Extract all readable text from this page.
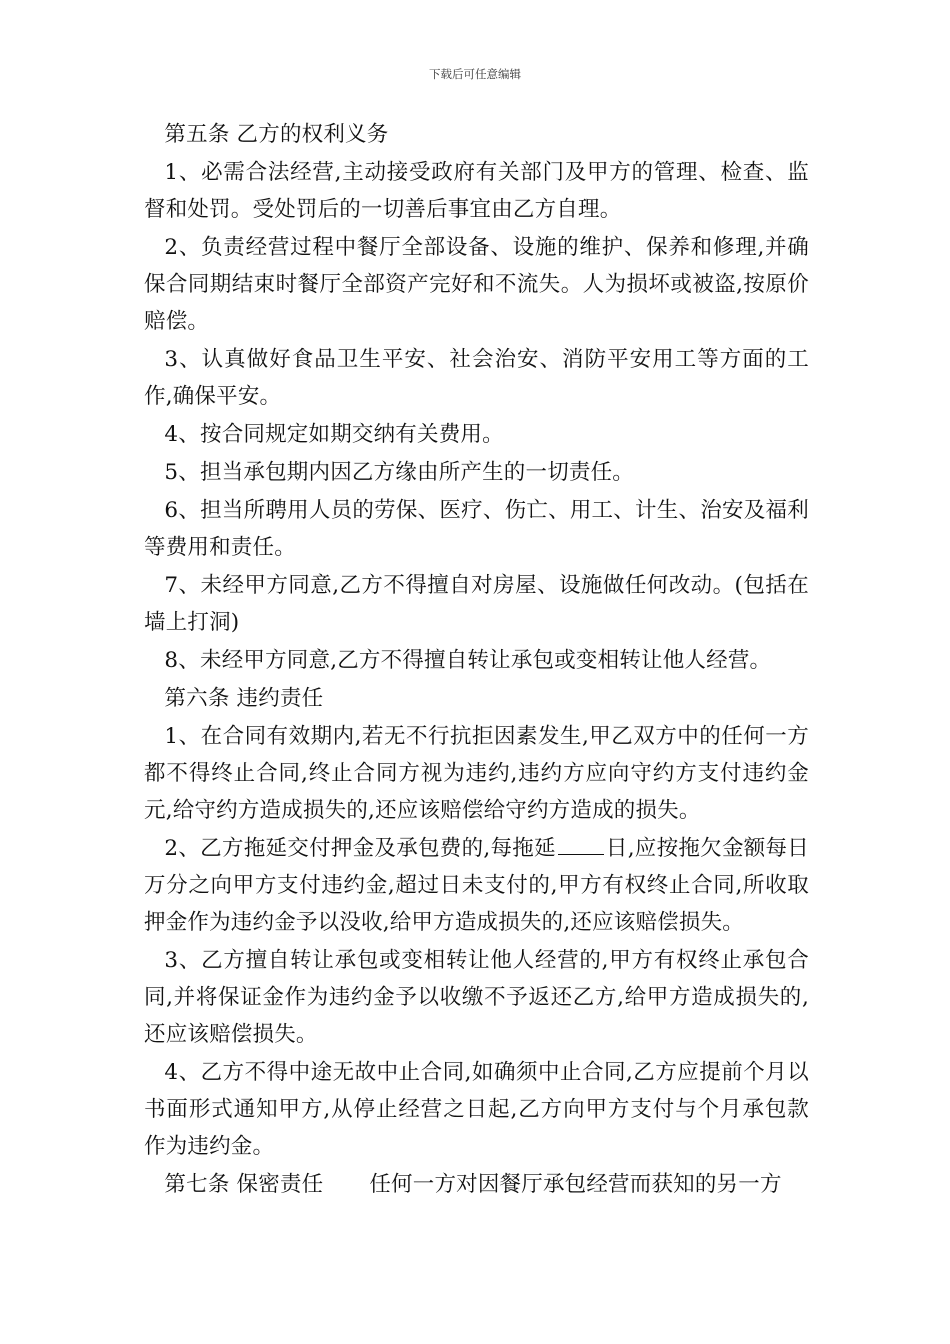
下载后可任意编辑

第五条 乙方的权利义务

1、必需合法经营,主动接受政府有关部门及甲方的管理、检查、监督和处罚。受处罚后的一切善后事宜由乙方自理。

2、负责经营过程中餐厅全部设备、设施的维护、保养和修理,并确保合同期结束时餐厅全部资产完好和不流失。人为损坏或被盗,按原价赔偿。

3、认真做好食品卫生平安、社会治安、消防平安用工等方面的工作,确保平安。

4、按合同规定如期交纳有关费用。

5、担当承包期内因乙方缘由所产生的一切责任。

6、担当所聘用人员的劳保、医疗、伤亡、用工、计生、治安及福利等费用和责任。

7、未经甲方同意,乙方不得擅自对房屋、设施做任何改动。(包括在墙上打洞)

8、未经甲方同意,乙方不得擅自转让承包或变相转让他人经营。

第六条 违约责任

1、在合同有效期内,若无不行抗拒因素发生,甲乙双方中的任何一方都不得终止合同,终止合同方视为违约,违约方应向守约方支付违约金元,给守约方造成损失的,还应该赔偿给守约方造成的损失。

2、乙方拖延交付押金及承包费的,每拖延 日,应按拖欠金额每日万分之向甲方支付违约金,超过日未支付的,甲方有权终止合同,所收取押金作为违约金予以没收,给甲方造成损失的,还应该赔偿损失。

3、乙方擅自转让承包或变相转让他人经营的,甲方有权终止承包合同,并将保证金作为违约金予以收缴不予返还乙方,给甲方造成损失的,还应该赔偿损失。

4、乙方不得中途无故中止合同,如确须中止合同,乙方应提前个月以书面形式通知甲方,从停止经营之日起,乙方向甲方支付与个月承包款作为违约金。

第七条 保密责任 任何一方对因餐厅承包经营而获知的另一方
